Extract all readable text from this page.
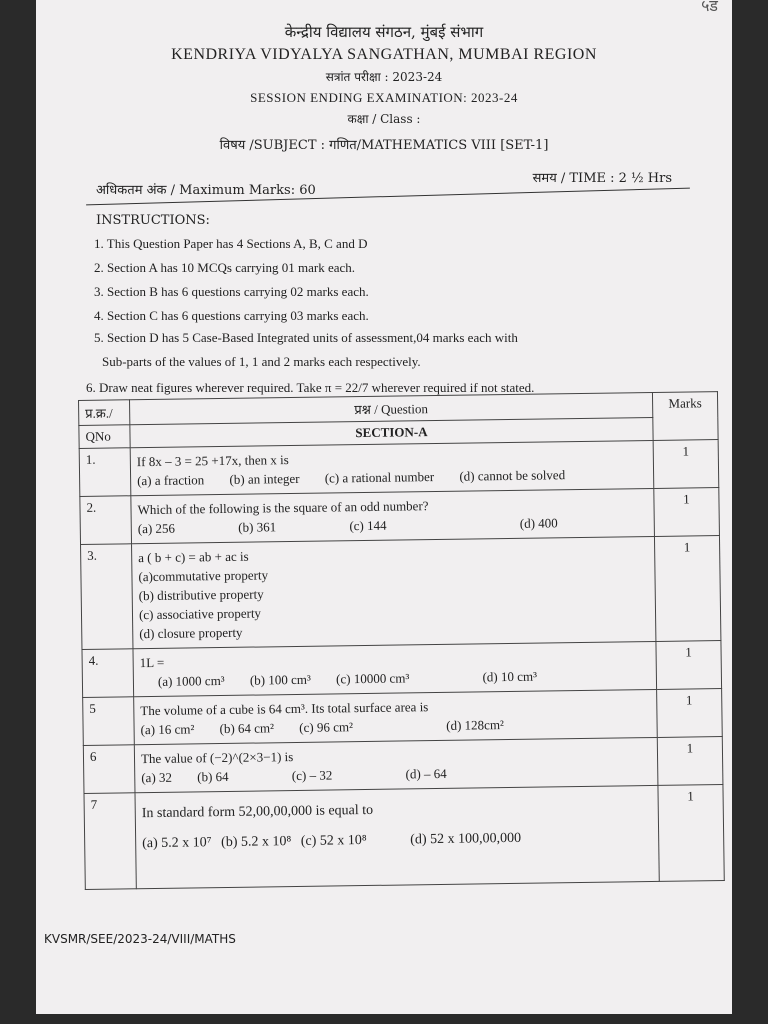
५ड
केन्द्रीय विद्यालय संगठन, मुंबई संभाग
KENDRIYA VIDYALYA SANGATHAN, MUMBAI REGION
सत्रांत परीक्षा : 2023-24
SESSION ENDING EXAMINATION: 2023-24
कक्षा / Class :
विषय /SUBJECT : गणित/MATHEMATICS VIII [SET-1]
अधिकतम अंक / Maximum Marks: 60
समय / TIME : 2 ½ Hrs
INSTRUCTIONS:
1. This Question Paper has 4 Sections A, B, C and D
2. Section A has 10 MCQs carrying 01 mark each.
3. Section B has 6 questions carrying 02 marks each.
4. Section C has 6 questions carrying 03 marks each.
5. Section D has 5 Case-Based Integrated units of assessment,04 marks each with
Sub-parts of the values of 1, 1 and 2 marks each respectively.
6. Draw neat figures wherever required. Take π = 22/7 wherever required if not stated.
प्र.क्र./	प्रश्न / Question	Marks
QNo	SECTION-A	
1.	If 8x – 3 = 25 +17x, then x is
(a) a fraction (b) an integer (c) a rational number (d) cannot be solved	1
2.	Which of the following is the square of an odd number?
(a) 256 (b) 361 (c) 144 (d) 400	1
3.	a ( b + c) = ab + ac is
(a)commutative property
(b) distributive property
(c) associative property
(d) closure property	1
4.	1L =
(a) 1000 cm³ (b) 100 cm³ (c) 10000 cm³ (d) 10 cm³	1
5	The volume of a cube is 64 cm³. Its total surface area is
(a) 16 cm² (b) 64 cm² (c) 96 cm² (d) 128cm²	1
6	The value of (−2)^(2×3−1) is
(a) 32 (b) 64 (c) – 32 (d) – 64	1
7	In standard form 52,00,00,000 is equal to
(a) 5.2 x 10⁷ (b) 5.2 x 10⁸ (c) 52 x 10⁸ (d) 52 x 100,00,000	1
KVSMR/SEE/2023-24/VIII/MATHS
